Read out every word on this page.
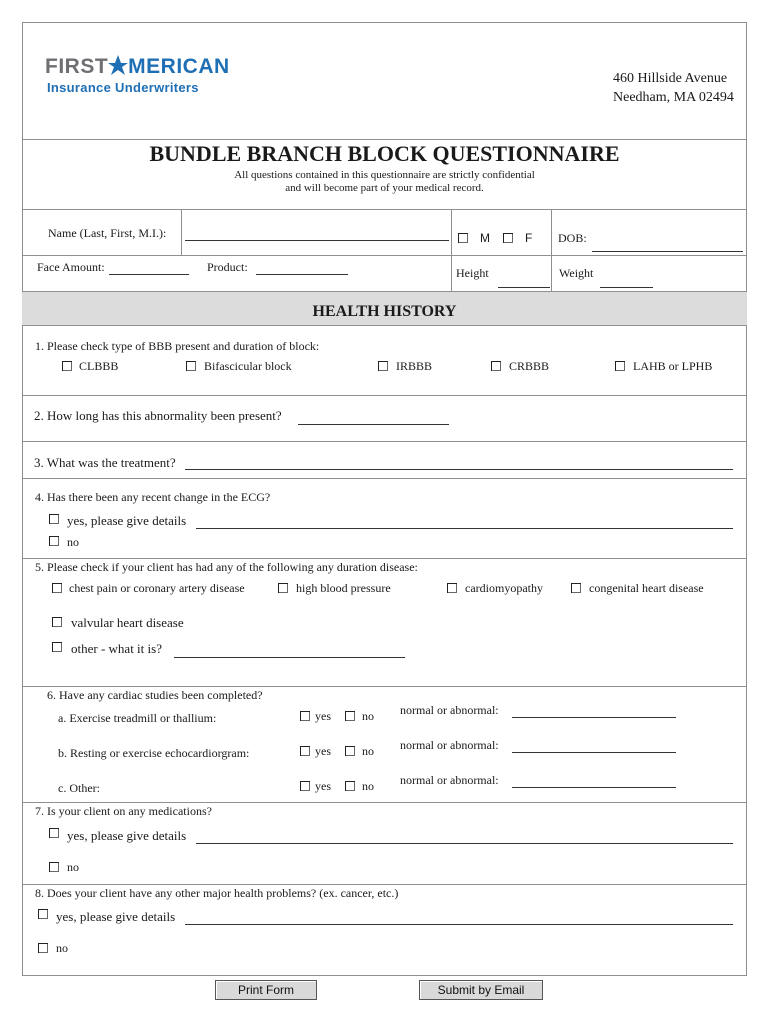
FIRST MERICAN
Insurance Underwriters
460 Hillside Avenue
Needham, MA 02494
BUNDLE BRANCH BLOCK QUESTIONNAIRE
All questions contained in this questionnaire are strictly confidential
and will become part of your medical record.
Name (Last, First, M.I.):	M	F DOB:
Face Amount:	Product:	Height	Weight
HEALTH HISTORY
1. Please check type of BBB present and duration of block:
CLBBB	Bifascicular block	IRBBB	CRBBB	LAHB or LPHB
2. How long has this abnormality been present?
3. What was the treatment?
4. Has there been any recent change in the ECG?
yes, please give details
no
5. Please check if your client has had any of the following any duration disease:
chest pain or coronary artery disease	high blood pressure	cardiomyopathy	congenital heart disease
valvular heart disease
other - what it is?
6. Have any cardiac studies been completed?
a. Exercise treadmill or thallium:	yes	no normal or abnormal:
b. Resting or exercise echocardiorgram:	yes	no normal or abnormal:
c. Other:	yes	no normal or abnormal:
7. Is your client on any medications?
yes, please give details
no
8. Does your client have any other major health problems? (ex. cancer, etc.)
yes, please give details
no
Print Form	Submit by Email
